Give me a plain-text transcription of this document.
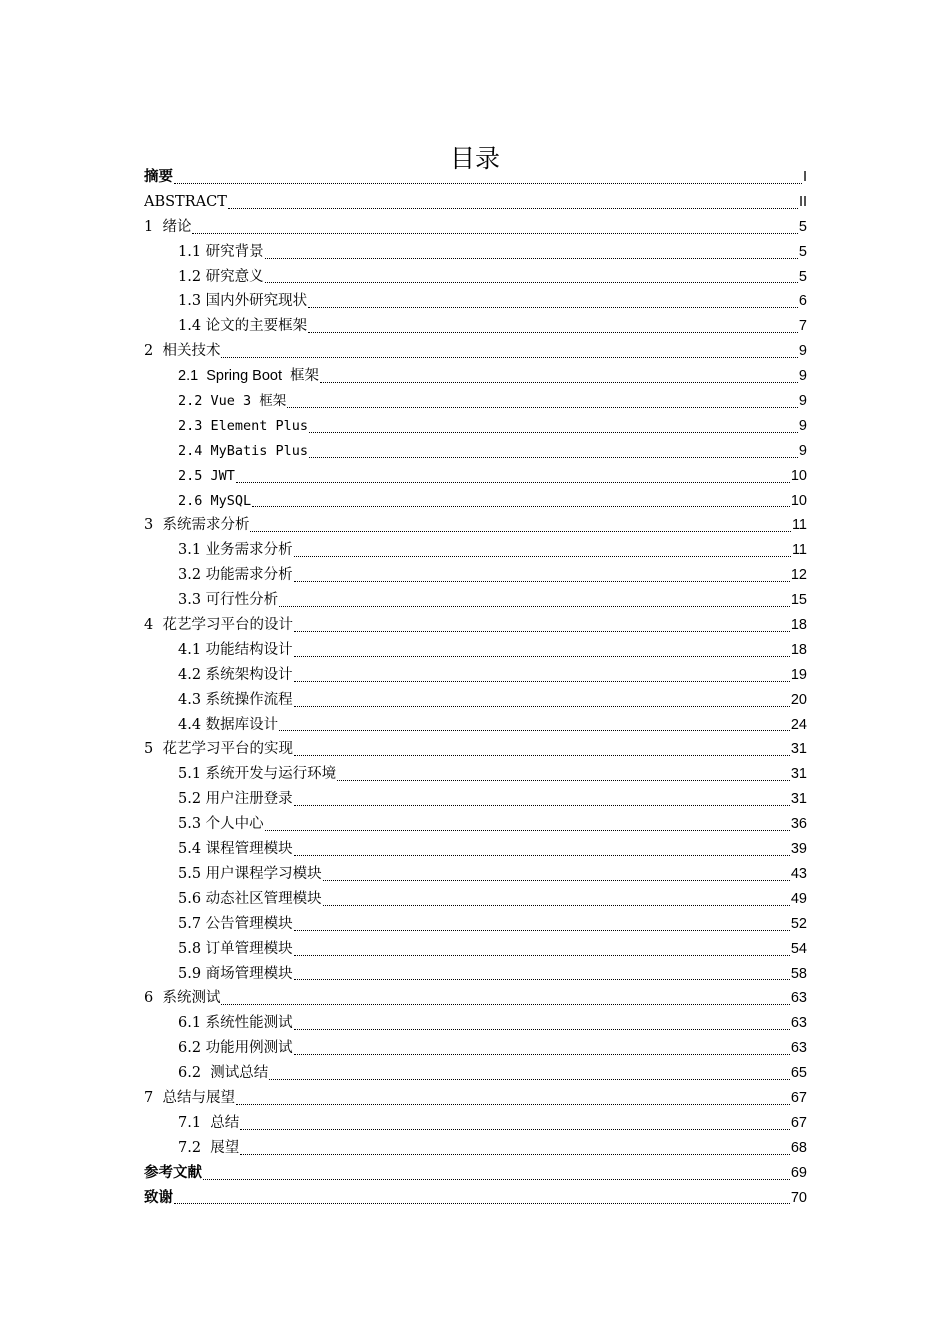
目录
摘要	I
ABSTRACT	II
1  绪论	5
1.1 研究背景	5
1.2 研究意义	5
1.3 国内外研究现状	6
1.4 论文的主要框架	7
2  相关技术	9
2.1  Spring Boot  框架	9
2.2 Vue 3 框架	9
2.3 Element Plus	9
2.4 MyBatis Plus	9
2.5 JWT	10
2.6 MySQL	10
3  系统需求分析	11
3.1 业务需求分析	11
3.2 功能需求分析	12
3.3 可行性分析	15
4  花艺学习平台的设计	18
4.1 功能结构设计	18
4.2 系统架构设计	19
4.3 系统操作流程	20
4.4 数据库设计	24
5  花艺学习平台的实现	31
5.1 系统开发与运行环境	31
5.2 用户注册登录	31
5.3 个人中心	36
5.4 课程管理模块	39
5.5 用户课程学习模块	43
5.6 动态社区管理模块	49
5.7 公告管理模块	52
5.8 订单管理模块	54
5.9 商场管理模块	58
6  系统测试	63
6.1 系统性能测试	63
6.2 功能用例测试	63
6.2  测试总结	65
7  总结与展望	67
7.1  总结	67
7.2  展望	68
参考文献	69
致谢	70
